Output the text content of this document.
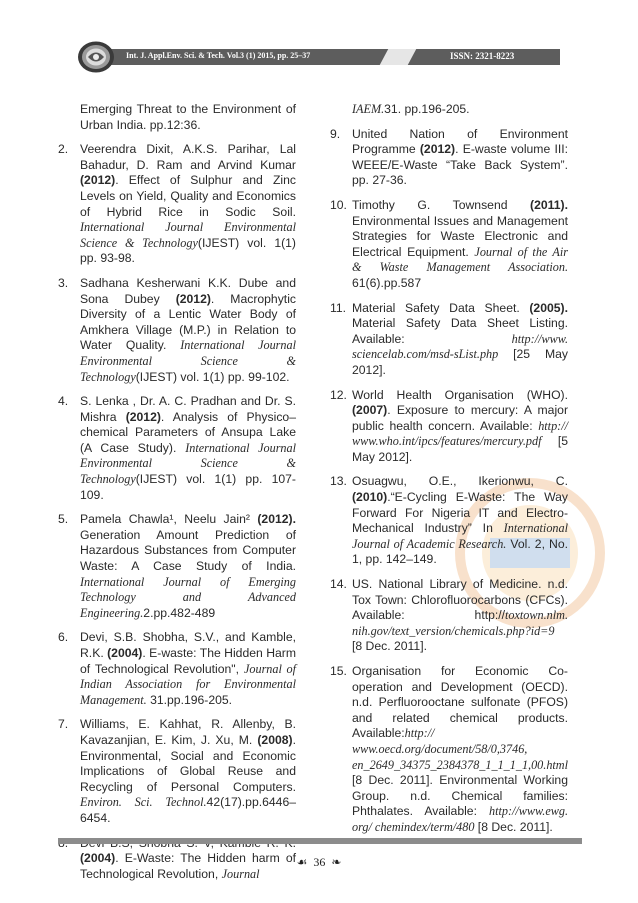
Int. J. Appl.Env. Sci. & Tech. Vol.3 (1) 2015, pp. 25–37	ISSN: 2321-8223
Emerging Threat to the Environment of Urban India. pp.12:36.
2. Veerendra Dixit, A.K.S. Parihar, Lal Bahadur, D. Ram and Arvind Kumar (2012). Effect of Sulphur and Zinc Levels on Yield, Quality and Economics of Hybrid Rice in Sodic Soil. International Journal Environmental Science & Technology(IJEST) vol. 1(1) pp. 93-98.
3. Sadhana Kesherwani K.K. Dube and Sona Dubey (2012). Macrophytic Diversity of a Lentic Water Body of Amkhera Village (M.P.) in Relation to Water Quality. International Journal Environmental Science & Technology(IJEST) vol. 1(1) pp. 99-102.
4. S. Lenka , Dr. A. C. Pradhan and Dr. S. Mishra (2012). Analysis of Physico–chemical Parameters of Ansupa Lake (A Case Study). International Journal Environmental Science & Technology(IJEST) vol. 1(1) pp. 107-109.
5. Pamela Chawla¹, Neelu Jain² (2012). Generation Amount Prediction of Hazardous Substances from Computer Waste: A Case Study of India. International Journal of Emerging Technology and Advanced Engineering.2.pp.482-489
6. Devi, S.B. Shobha, S.V., and Kamble, R.K. (2004). E-waste: The Hidden Harm of Technological Revolution", Journal of Indian Association for Environmental Management. 31.pp.196-205.
7. Williams, E. Kahhat, R. Allenby, B. Kavazanjian, E. Kim, J. Xu, M. (2008). Environmental, Social and Economic Implications of Global Reuse and Recycling of Personal Computers. Environ. Sci. Technol.42(17).pp.6446–6454.
(2004). E-Waste: The Hidden harm of Technological Revolution, Journal
IAEM.31. pp.196-205.
9. United Nation of Environment Programme (2012). E-waste volume III: WEEE/E-Waste “Take Back System”. pp. 27-36.
10. Timothy G. Townsend (2011). Environmental Issues and Management Strategies for Waste Electronic and Electrical Equipment. Journal of the Air & Waste Management Association. 61(6).pp.587
11. Material Safety Data Sheet. (2005). Material Safety Data Sheet Listing. Available: http://www. sciencelab.com/msd-sList.php [25 May 2012].
12. World Health Organisation (WHO). (2007). Exposure to mercury: A major public health concern. Available: http:// www.who.int/ipcs/features/mercury.pdf [5 May 2012].
13. Osuagwu, O.E., Ikerionwu, C. (2010).“E-Cycling E-Waste: The Way Forward For Nigeria IT and Electro-Mechanical Industry” In International Journal of Academic Research. Vol. 2, No. 1, pp. 142–149.
14. US. National Library of Medicine. n.d. Tox Town: Chlorofluorocarbons (CFCs). Available: http://toxtown.nlm. nih.gov/text_version/chemicals.php?id=9 [8 Dec. 2011].
15. Organisation for Economic Co-operation and Development (OECD). n.d. Perfluorooctane sulfonate (PFOS) and related chemical products. Available:http:// www.oecd.org/document/58/0,3746, en_2649_34375_2384378_1_1_1_1,00.html [8 Dec. 2011]. Environmental Working Group. n.d. Chemical families: Phthalates. Available: http://www.ewg. org/ chemindex/term/480 [8 Dec. 2011].
☙ 36 ❧
